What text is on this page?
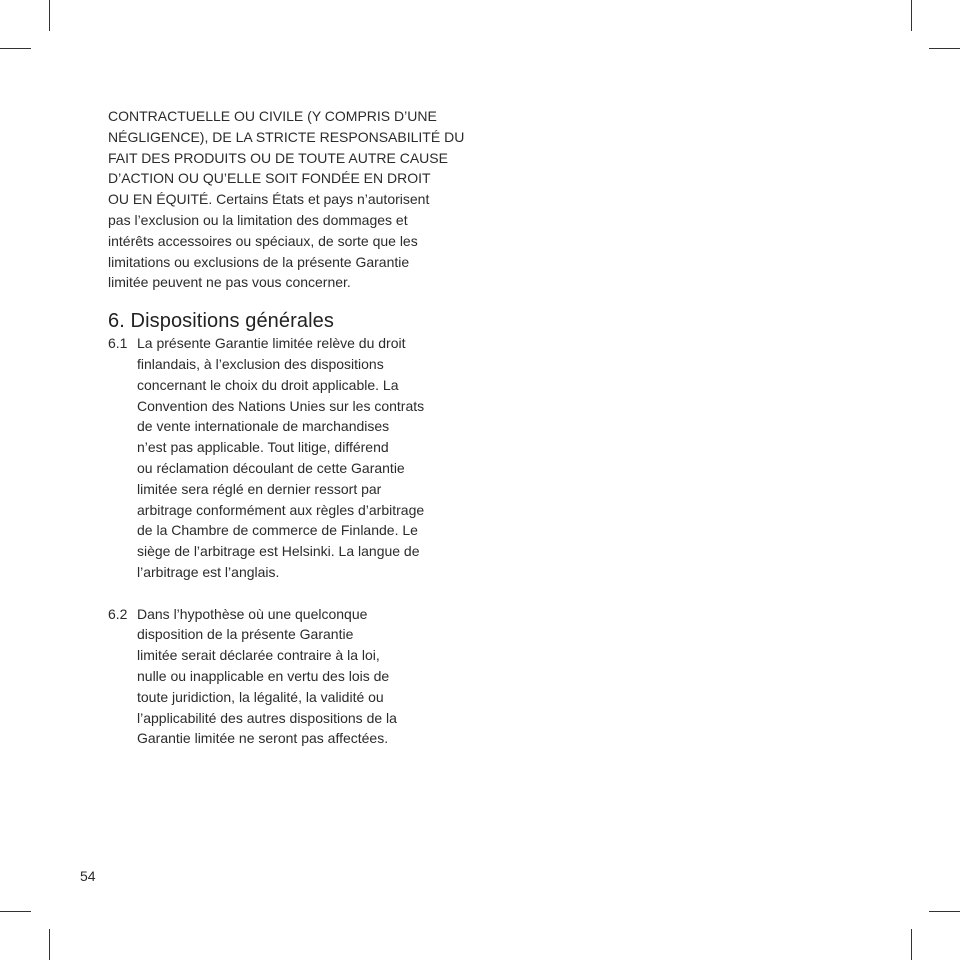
CONTRACTUELLE OU CIVILE (Y COMPRIS D’UNE

NÉGLIGENCE), DE LA STRICTE RESPONSABILITÉ DU

FAIT DES PRODUITS OU DE TOUTE AUTRE CAUSE

D’ACTION OU QU’ELLE SOIT FONDÉE EN DROIT

OU EN ÉQUITÉ. Certains États et pays n’autorisent

pas l’exclusion ou la limitation des dommages et

intérêts accessoires ou spéciaux, de sorte que les

limitations ou exclusions de la présente Garantie

limitée peuvent ne pas vous concerner.

6. Dispositions générales
6.1 La présente Garantie limitée relève du droit

finlandais, à l’exclusion des dispositions

concernant le choix du droit applicable. La

Convention des Nations Unies sur les contrats

de vente internationale de marchandises

n’est pas applicable. Tout litige, différend

ou réclamation découlant de cette Garantie

limitée sera réglé en dernier ressort par

arbitrage conformément aux règles d’arbitrage

de la Chambre de commerce de Finlande. Le

siège de l’arbitrage est Helsinki. La langue de

l’arbitrage est l’anglais.

6.2 Dans l’hypothèse où une quelconque

disposition de la présente Garantie

limitée serait déclarée contraire à la loi,

nulle ou inapplicable en vertu des lois de

toute juridiction, la légalité, la validité ou

l’applicabilité des autres dispositions de la

Garantie limitée ne seront pas affectées.

54
